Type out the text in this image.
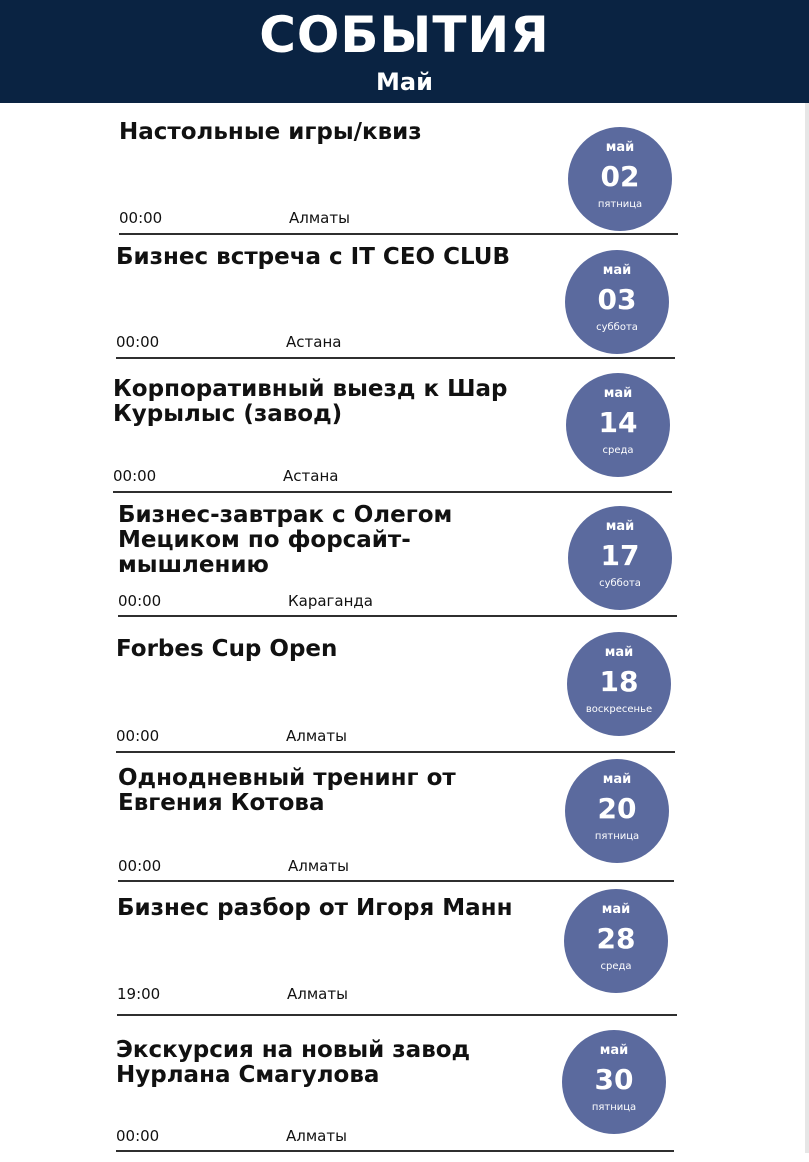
СОБЫТИЯ
Май
Настольные игры/квиз
00:00	Алматы
май
02
пятница
Бизнес встреча с IT CEO CLUB
00:00	Астана
май
03
суббота
Корпоративный выезд к Шар Курылыс (завод)
00:00	Астана
май
14
среда
Бизнес-завтрак с Олегом Мециком по форсайт-мышлению
00:00	Караганда
май
17
суббота
Forbes Cup Open
00:00	Алматы
май
18
воскресенье
Однодневный тренинг от Евгения Котова
00:00	Алматы
май
20
пятница
Бизнес разбор от Игоря Манн
19:00	Алматы
май
28
среда
Экскурсия на новый завод Нурлана Смагулова
00:00	Алматы
май
30
пятница
